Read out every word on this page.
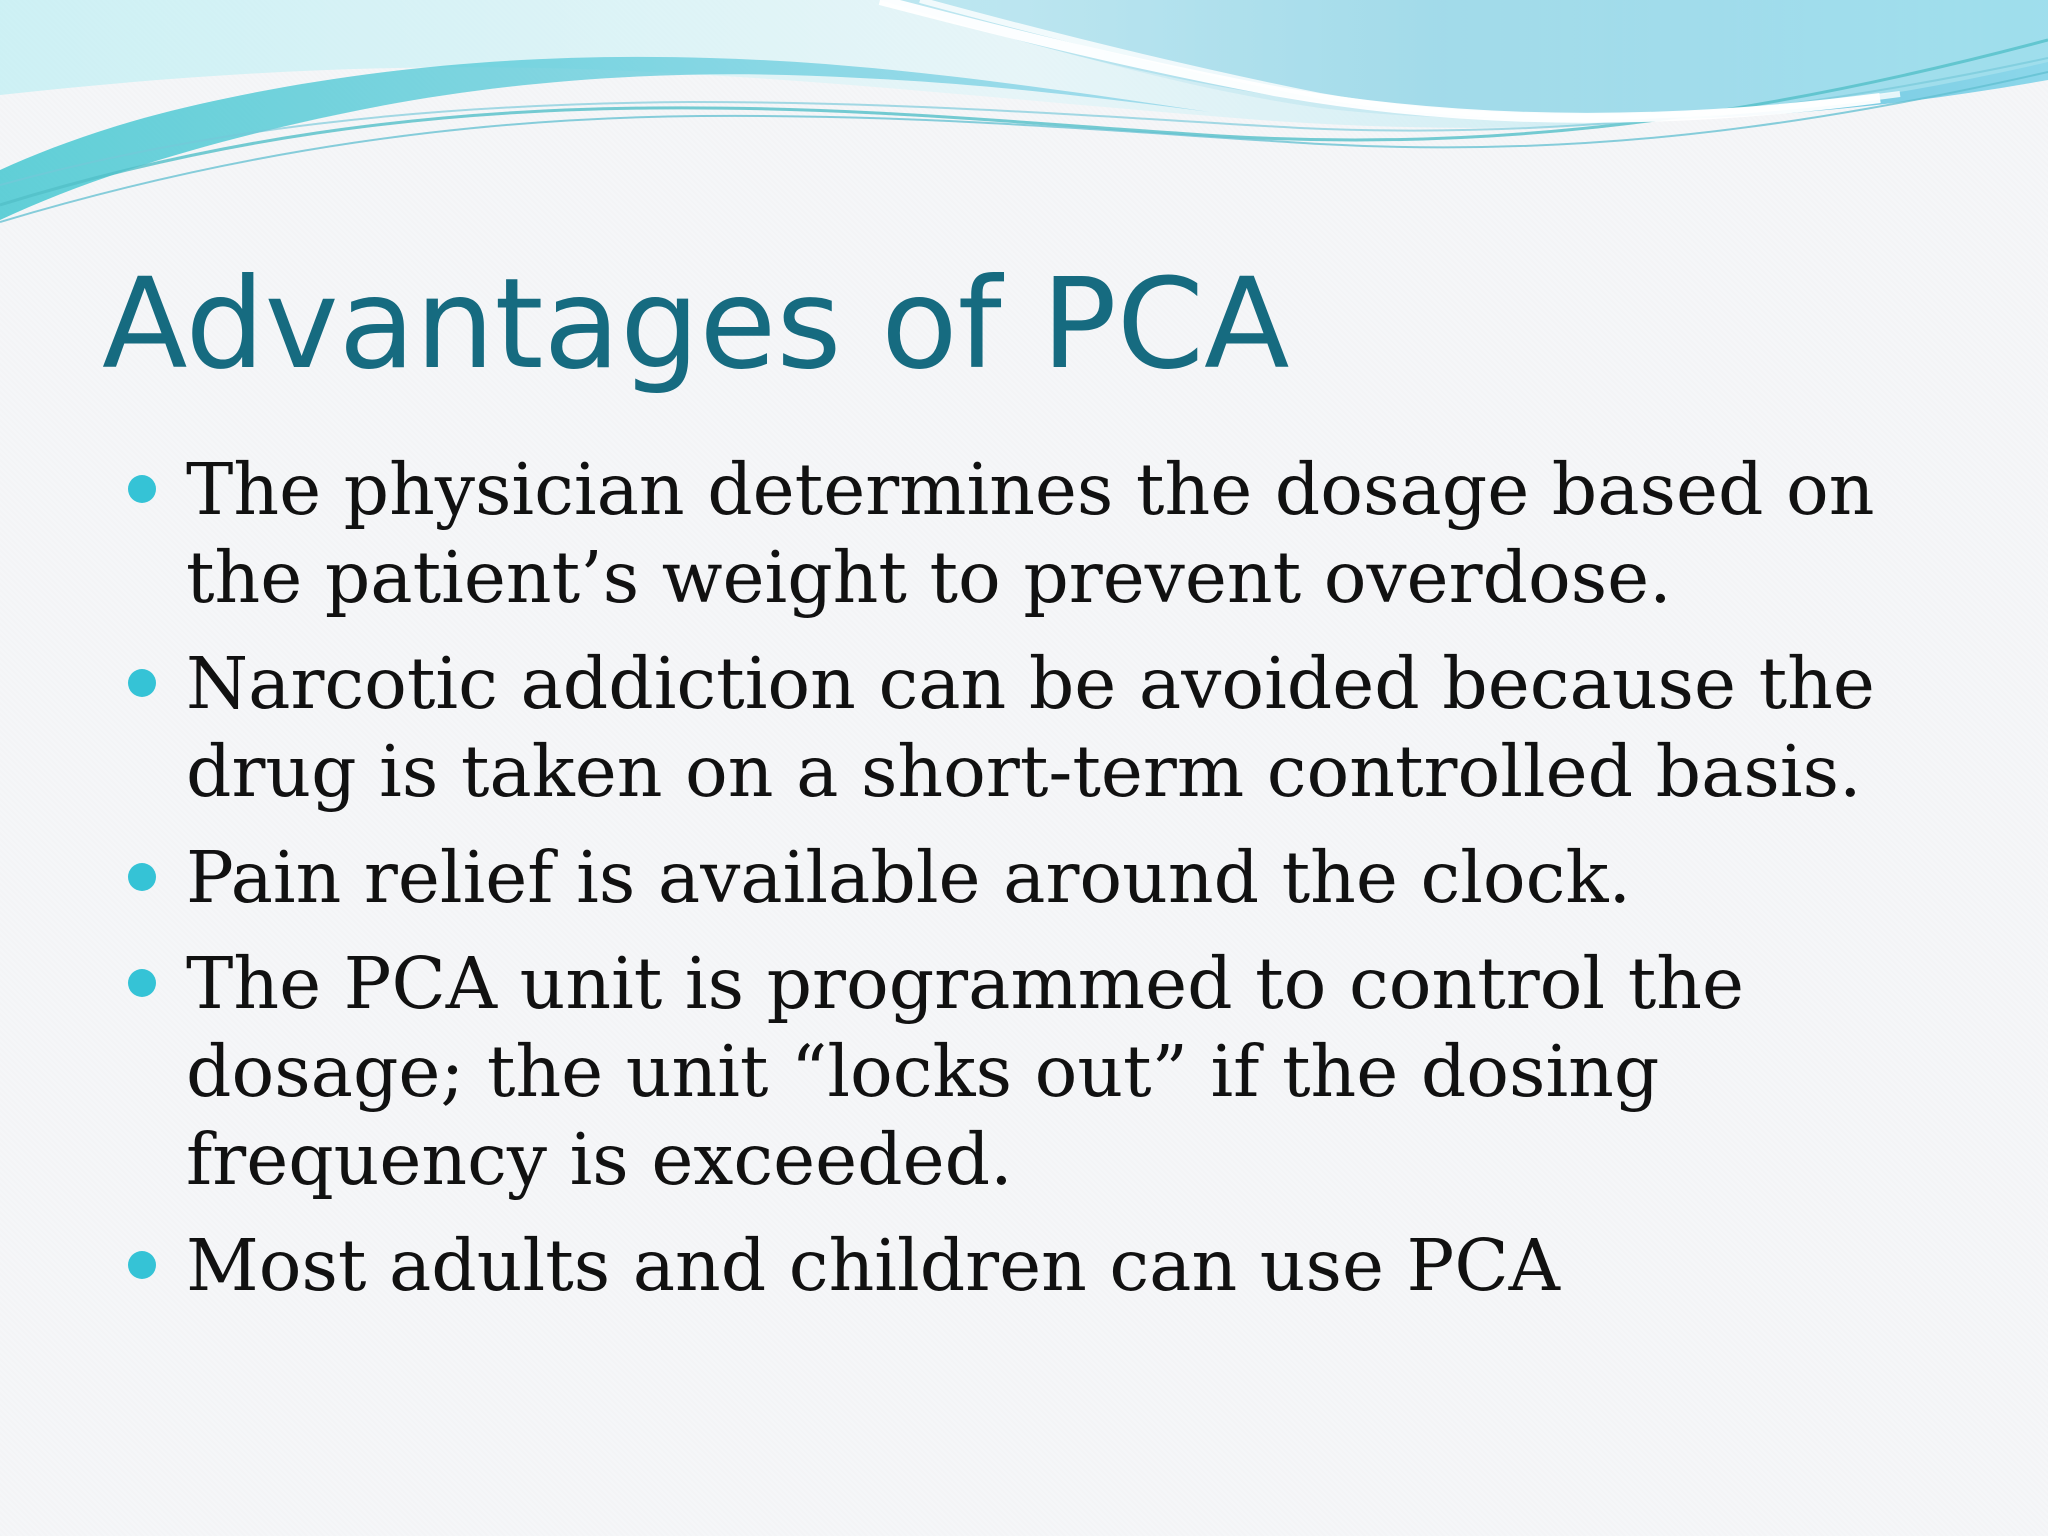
Advantages of PCA
The physician determines the dosage based on the patient’s weight to prevent overdose.
Narcotic addiction can be avoided because the drug is taken on a short-term controlled basis.
Pain relief is available around the clock.
The PCA unit is programmed to control the dosage; the unit “locks out” if the dosing frequency is exceeded.
Most adults and children can use PCA
